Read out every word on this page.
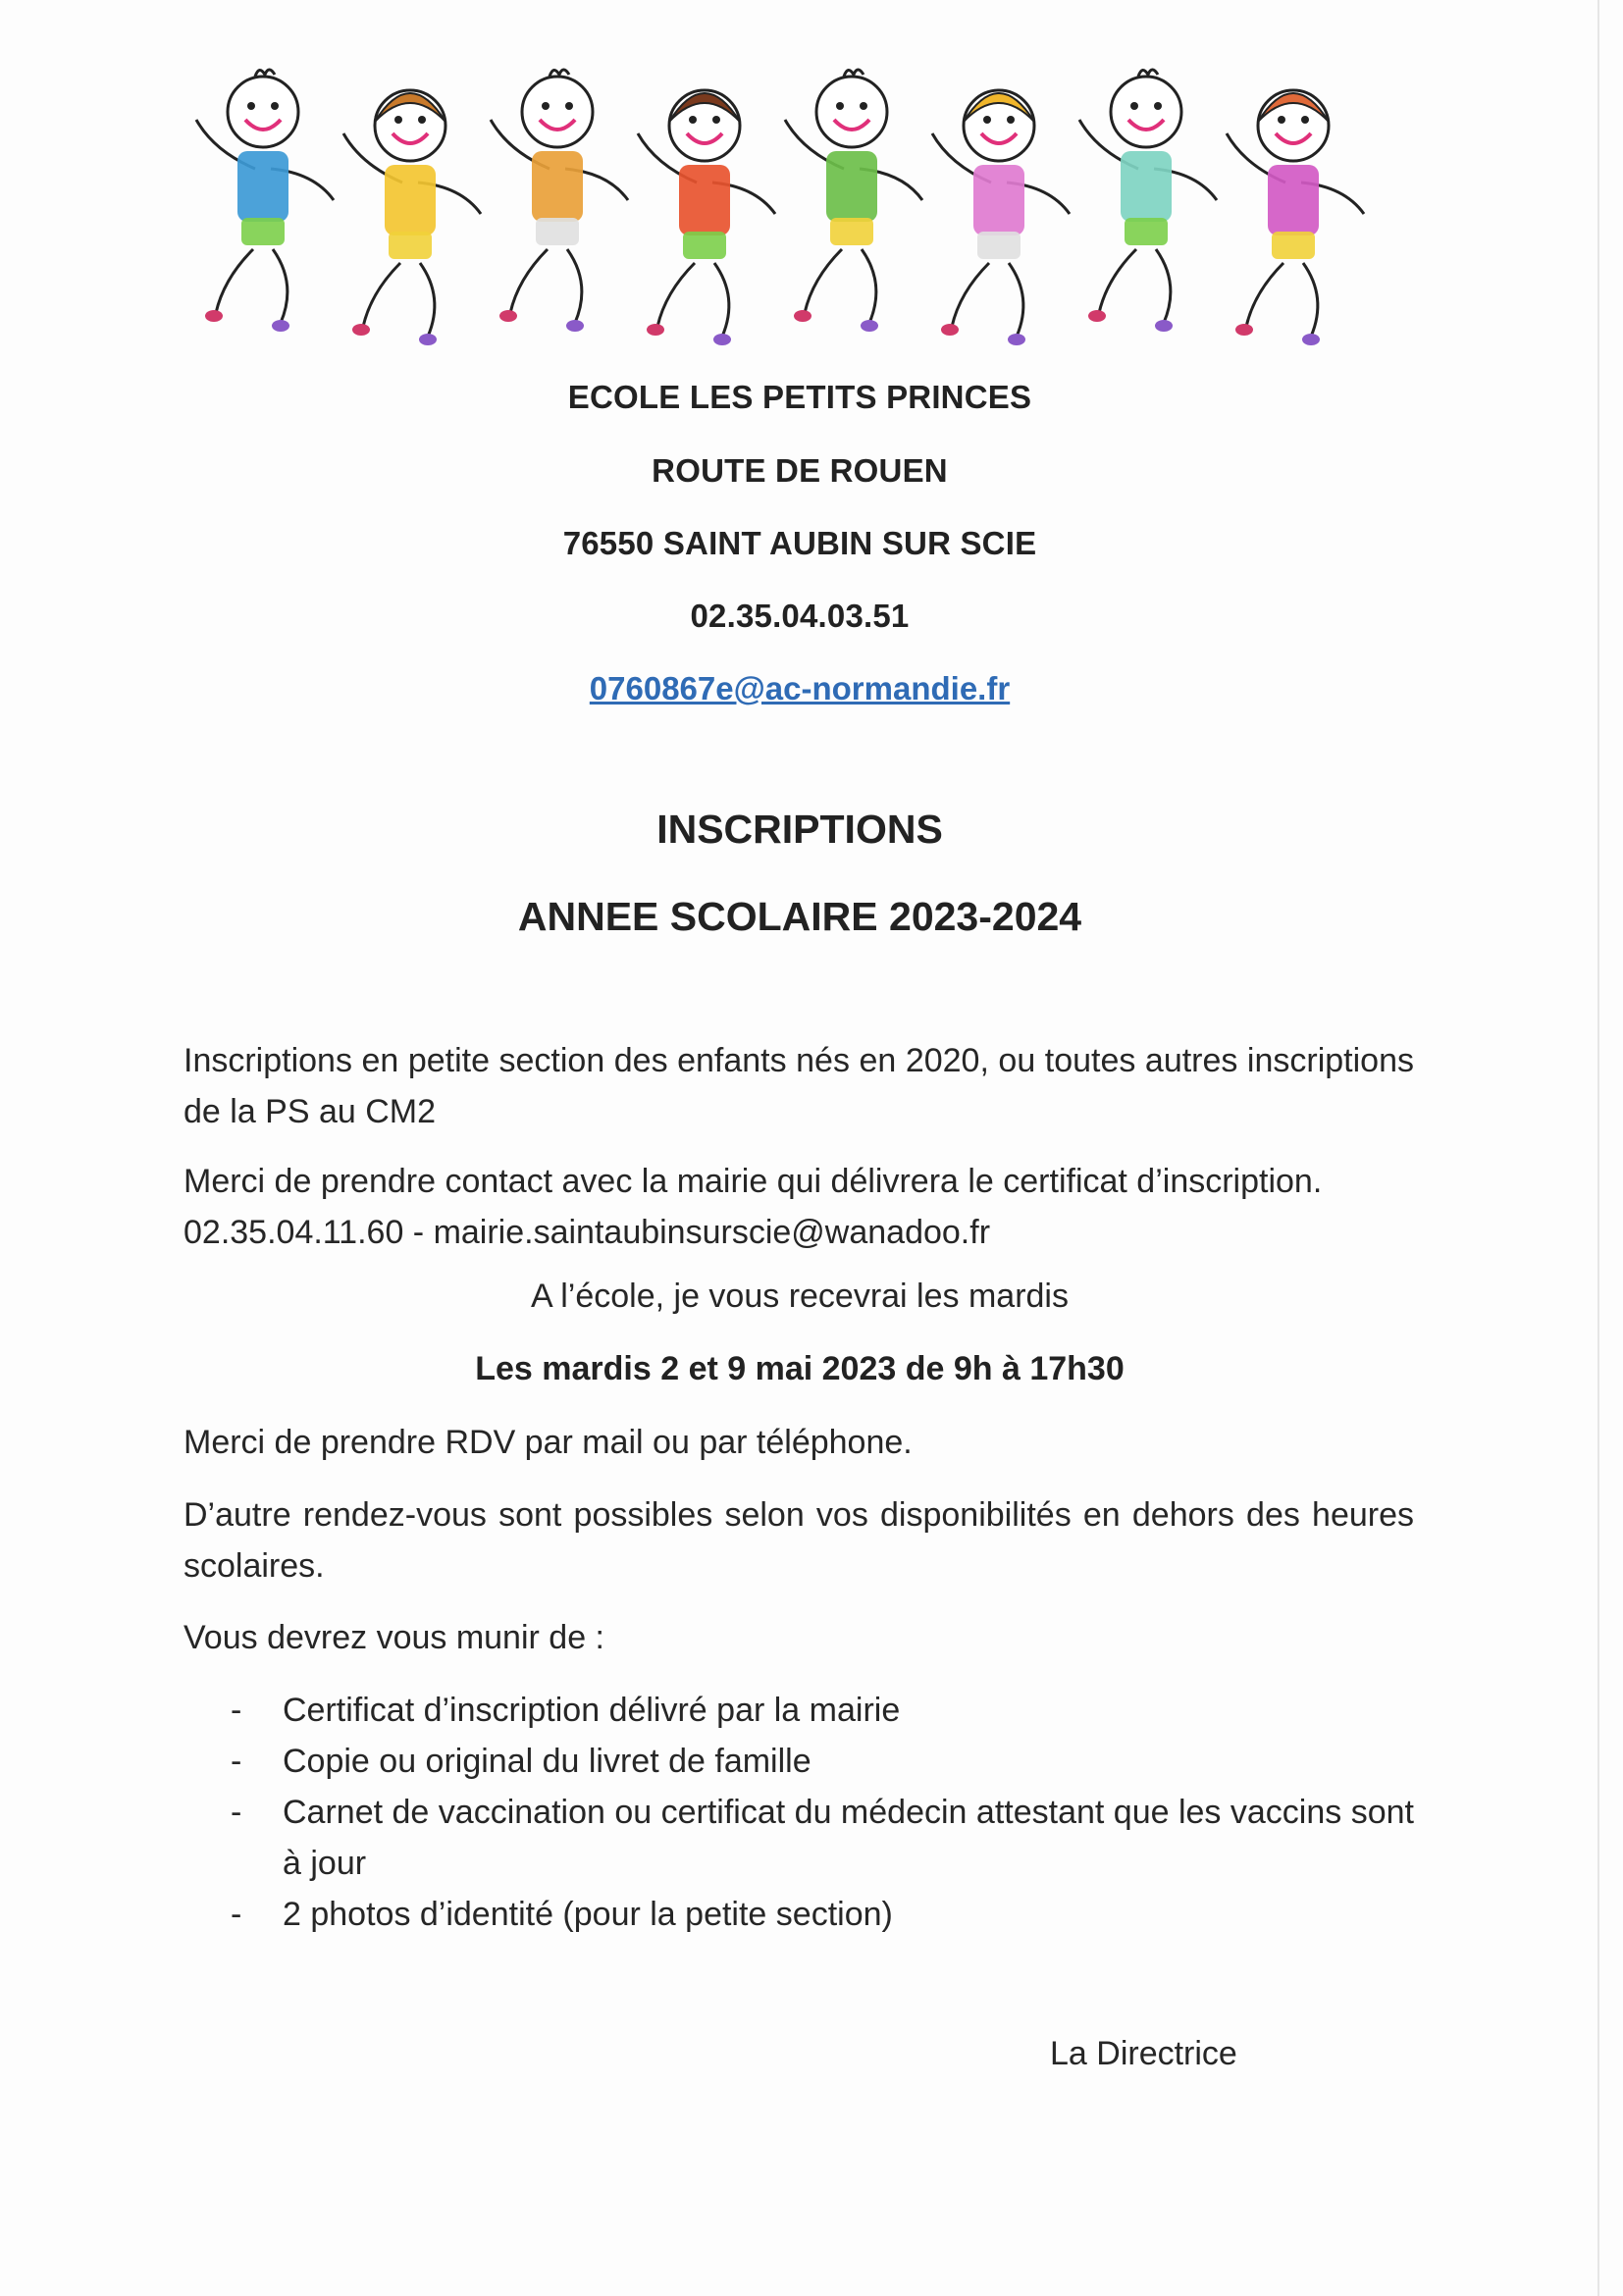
ECOLE LES PETITS PRINCES
ROUTE DE ROUEN
76550 SAINT AUBIN SUR SCIE
02.35.04.03.51
0760867e@ac-normandie.fr
INSCRIPTIONS
ANNEE SCOLAIRE 2023-2024
Inscriptions en petite section des enfants nés en 2020, ou toutes autres inscriptions de la PS au CM2
Merci de prendre contact avec la mairie qui délivrera le certificat d’inscription.
02.35.04.11.60 - mairie.saintaubinsurscie@wanadoo.fr
A l’école, je vous recevrai les mardis
Les mardis 2 et 9 mai 2023 de 9h à 17h30
Merci de prendre RDV par mail ou par téléphone.
D’autre rendez-vous sont possibles selon vos disponibilités en dehors des heures scolaires.
Vous devrez vous munir de :
- Certificat d’inscription délivré par la mairie
- Copie ou original du livret de famille
- Carnet de vaccination ou certificat du médecin attestant que les vaccins sont à jour
- 2 photos d’identité (pour la petite section)
La Directrice
